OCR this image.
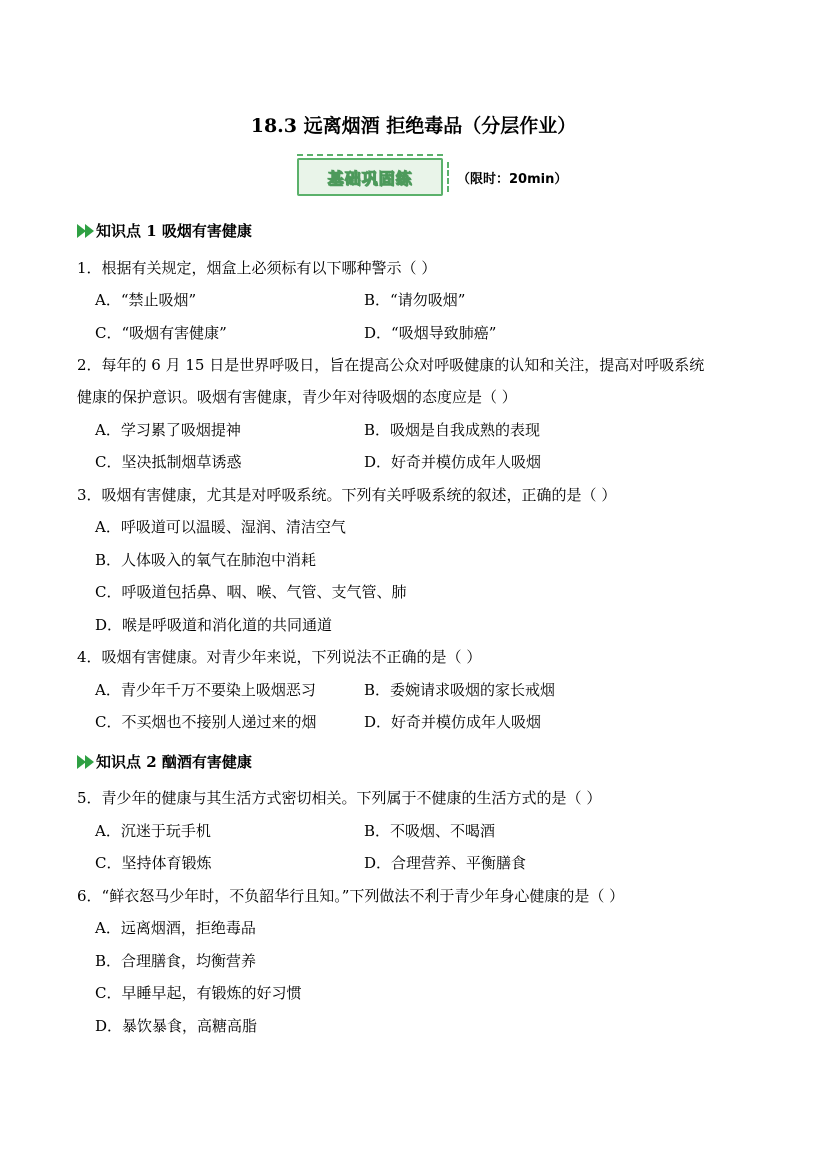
18.3 远离烟酒 拒绝毒品（分层作业）
基础巩固练	（限时：20min）
知识点 1 吸烟有害健康
1．根据有关规定，烟盒上必须标有以下哪种警示（ ）
A．“禁止吸烟”	B．“请勿吸烟”
C．“吸烟有害健康”	D．“吸烟导致肺癌”
2．每年的 6 月 15 日是世界呼吸日，旨在提高公众对呼吸健康的认知和关注，提高对呼吸系统
健康的保护意识。吸烟有害健康，青少年对待吸烟的态度应是（ ）
A．学习累了吸烟提神	B．吸烟是自我成熟的表现
C．坚决抵制烟草诱惑	D．好奇并模仿成年人吸烟
3．吸烟有害健康，尤其是对呼吸系统。下列有关呼吸系统的叙述，正确的是（ ）
A．呼吸道可以温暖、湿润、清洁空气
B．人体吸入的氧气在肺泡中消耗
C．呼吸道包括鼻、咽、喉、气管、支气管、肺
D．喉是呼吸道和消化道的共同通道
4．吸烟有害健康。对青少年来说，下列说法不正确的是（ ）
A．青少年千万不要染上吸烟恶习	B．委婉请求吸烟的家长戒烟
C．不买烟也不接别人递过来的烟	D．好奇并模仿成年人吸烟
知识点 2 酗酒有害健康
5．青少年的健康与其生活方式密切相关。下列属于不健康的生活方式的是（ ）
A．沉迷于玩手机	B．不吸烟、不喝酒
C．坚持体育锻炼	D．合理营养、平衡膳食
6．“鲜衣怒马少年时，不负韶华行且知。”下列做法不利于青少年身心健康的是（ ）
A．远离烟酒，拒绝毒品
B．合理膳食，均衡营养
C．早睡早起，有锻炼的好习惯
D．暴饮暴食，高糖高脂
